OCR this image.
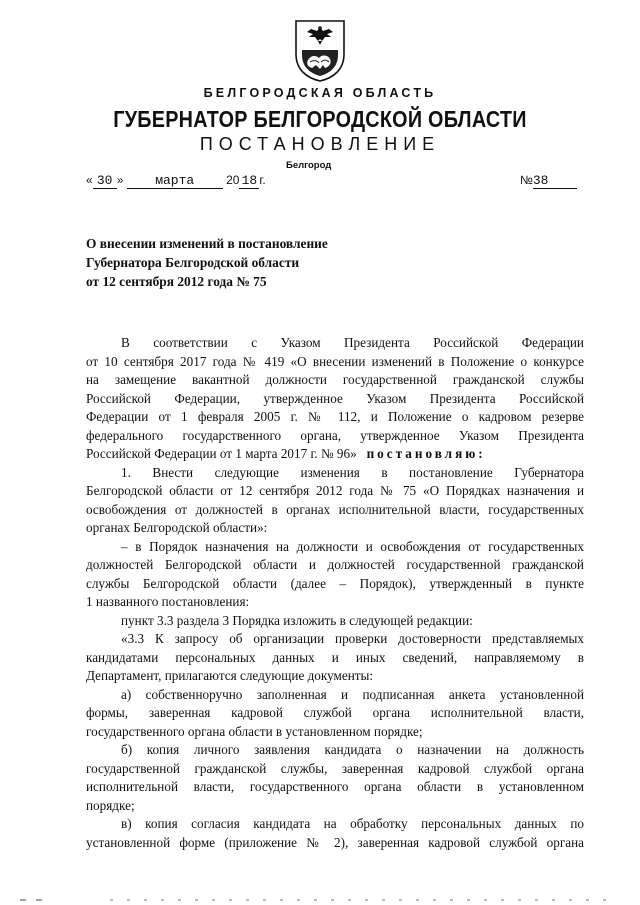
БЕЛГОРОДСКАЯ ОБЛАСТЬ
ГУБЕРНАТОР БЕЛГОРОДСКОЙ ОБЛАСТИ
ПОСТАНОВЛЕНИЕ
Белгород
« 30 » марта	20 18 г.	№38
О внесении изменений в постановление
Губернатора Белгородской области
от 12 сентября 2012 года № 75
В соответствии с Указом Президента Российской Федерации
от 10 сентября 2017 года № 419 «О внесении изменений в Положение о конкурсе
на замещение вакантной должности государственной гражданской службы
Российской Федерации, утвержденное Указом Президента Российской
Федерации от 1 февраля 2005 г. № 112, и Положение о кадровом резерве
федерального государственного органа, утвержденное Указом Президента
Российской Федерации от 1 марта 2017 г. № 96» постановляю:
1. Внести следующие изменения в постановление Губернатора
Белгородской области от 12 сентября 2012 года № 75 «О Порядках назначения и
освобождения от должностей в органах исполнительной власти, государственных
органах Белгородской области»:
– в Порядок назначения на должности и освобождения от государственных
должностей Белгородской области и должностей государственной гражданской
службы Белгородской области (далее – Порядок), утвержденный в пункте
1 названного постановления:
пункт 3.3 раздела 3 Порядка изложить в следующей редакции:
«3.3 К запросу об организации проверки достоверности представляемых
кандидатами персональных данных и иных сведений, направляемому в
Департамент, прилагаются следующие документы:
а) собственноручно заполненная и подписанная анкета установленной
формы, заверенная кадровой службой органа исполнительной власти,
государственного органа области в установленном порядке;
б) копия личного заявления кандидата о назначении на должность
государственной гражданской службы, заверенная кадровой службой органа
исполнительной власти, государственного органа области в установленном
порядке;
в) копия согласия кандидата на обработку персональных данных по
установленной форме (приложение № 2), заверенная кадровой службой органа
